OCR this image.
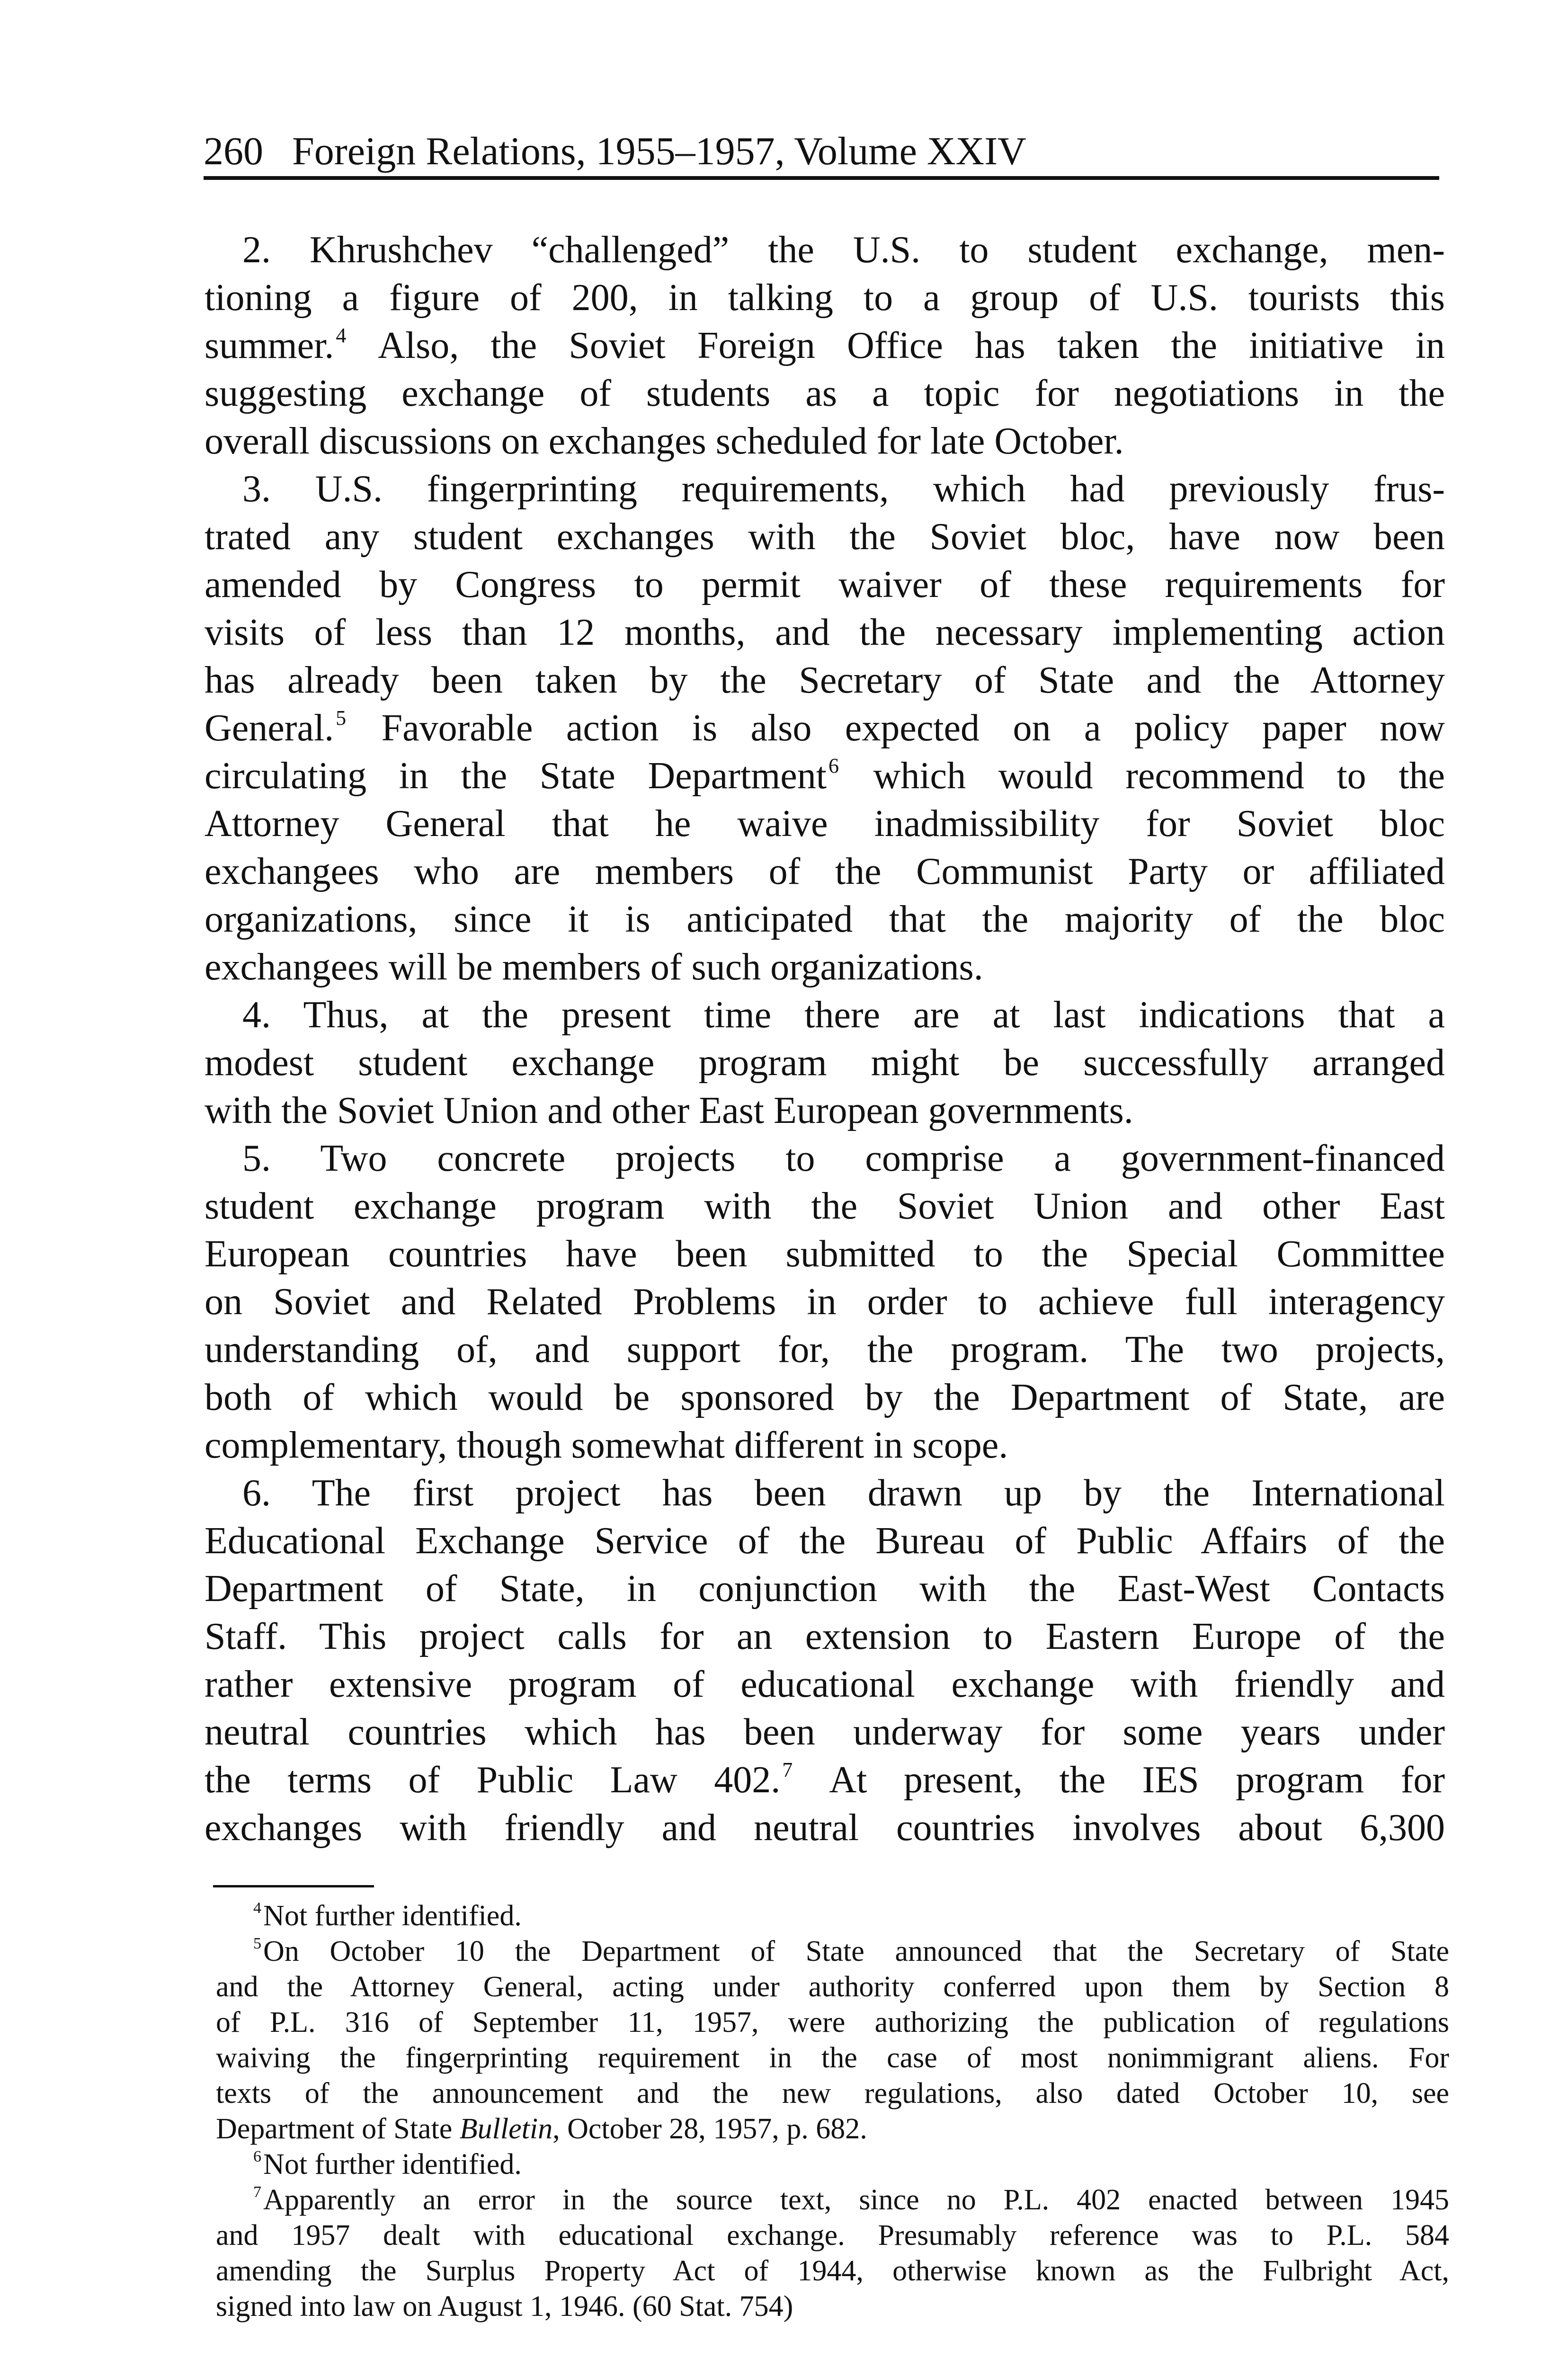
260 Foreign Relations, 1955–1957, Volume XXIV
2. Khrushchev “challenged” the U.S. to student exchange, men-
tioning a figure of 200, in talking to a group of U.S. tourists this
summer.$^4$ Also, the Soviet Foreign Office has taken the initiative in
suggesting exchange of students as a topic for negotiations in the
overall discussions on exchanges scheduled for late October.
3. U.S. fingerprinting requirements, which had previously frus-
trated any student exchanges with the Soviet bloc, have now been
amended by Congress to permit waiver of these requirements for
visits of less than 12 months, and the necessary implementing action
has already been taken by the Secretary of State and the Attorney
General.$^5$ Favorable action is also expected on a policy paper now
circulating in the State Department$^6$ which would recommend to the
Attorney General that he waive inadmissibility for Soviet bloc
exchangees who are members of the Communist Party or affiliated
organizations, since it is anticipated that the majority of the bloc
exchangees will be members of such organizations.
4. Thus, at the present time there are at last indications that a
modest student exchange program might be successfully arranged
with the Soviet Union and other East European governments.
5. Two concrete projects to comprise a government-financed
student exchange program with the Soviet Union and other East
European countries have been submitted to the Special Committee
on Soviet and Related Problems in order to achieve full interagency
understanding of, and support for, the program. The two projects,
both of which would be sponsored by the Department of State, are
complementary, though somewhat different in scope.
6. The first project has been drawn up by the International
Educational Exchange Service of the Bureau of Public Affairs of the
Department of State, in conjunction with the East-West Contacts
Staff. This project calls for an extension to Eastern Europe of the
rather extensive program of educational exchange with friendly and
neutral countries which has been underway for some years under
the terms of Public Law 402.$^7$ At present, the IES program for
exchanges with friendly and neutral countries involves about 6,300
$^4$Not further identified.
$^5$On October 10 the Department of State announced that the Secretary of State
and the Attorney General, acting under authority conferred upon them by Section 8
of P.L. 316 of September 11, 1957, were authorizing the publication of regulations
waiving the fingerprinting requirement in the case of most nonimmigrant aliens. For
texts of the announcement and the new regulations, also dated October 10, see
Department of State Bulletin, October 28, 1957, p. 682.
$^6$Not further identified.
$^7$Apparently an error in the source text, since no P.L. 402 enacted between 1945
and 1957 dealt with educational exchange. Presumably reference was to P.L. 584
amending the Surplus Property Act of 1944, otherwise known as the Fulbright Act,
signed into law on August 1, 1946. (60 Stat. 754)
